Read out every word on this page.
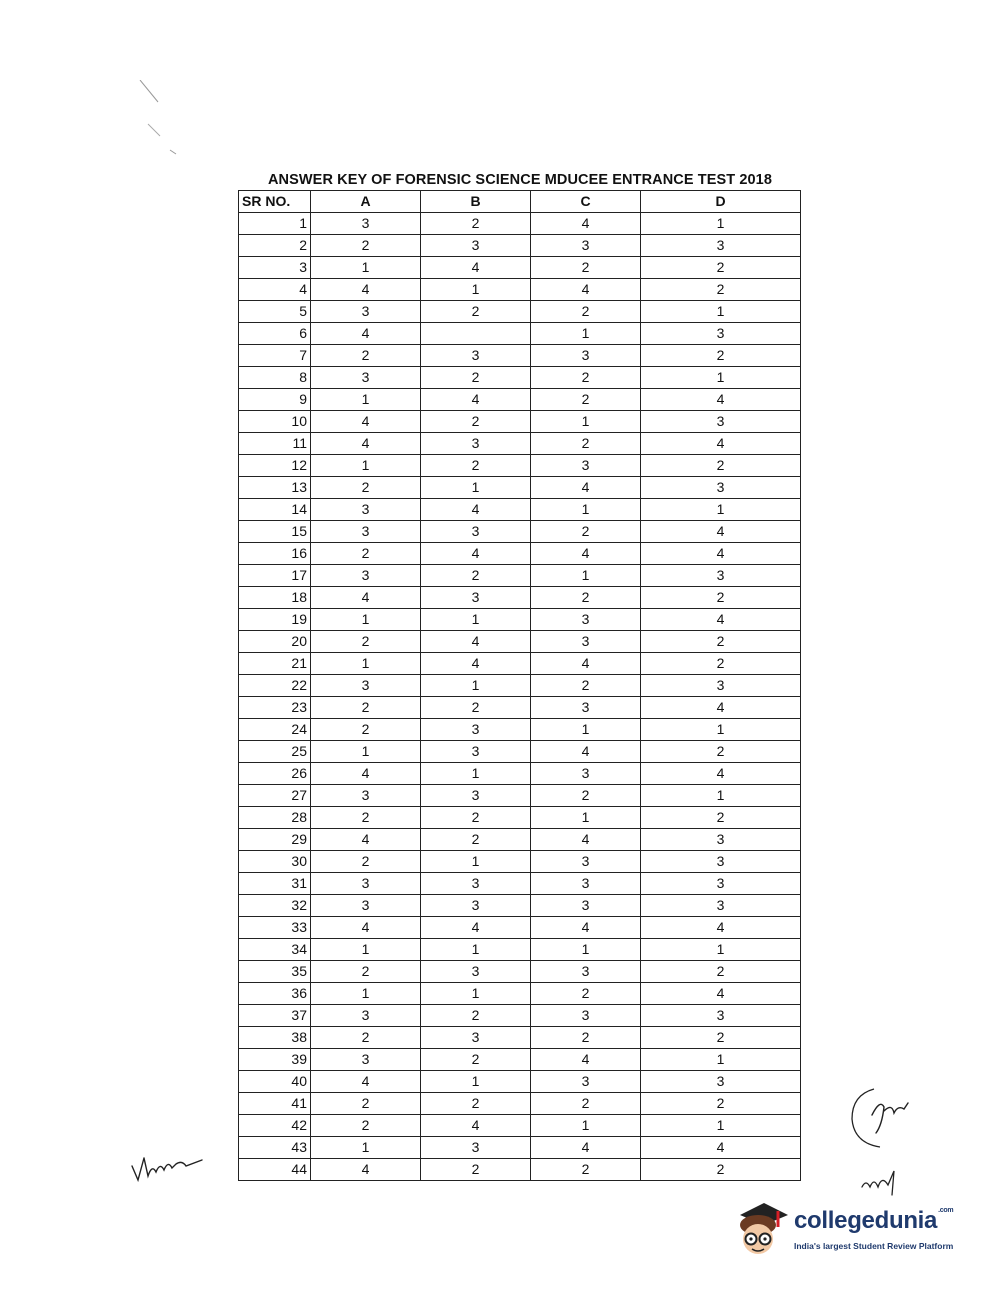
ANSWER KEY OF FORENSIC SCIENCE MDUCEE ENTRANCE TEST 2018
SR NO.	A	B	C	D
1	3	2	4	1
2	2	3	3	3
3	1	4	2	2
4	4	1	4	2
5	3	2	2	1
6	4		1	3
7	2	3	3	2
8	3	2	2	1
9	1	4	2	4
10	4	2	1	3
11	4	3	2	4
12	1	2	3	2
13	2	1	4	3
14	3	4	1	1
15	3	3	2	4
16	2	4	4	4
17	3	2	1	3
18	4	3	2	2
19	1	1	3	4
20	2	4	3	2
21	1	4	4	2
22	3	1	2	3
23	2	2	3	4
24	2	3	1	1
25	1	3	4	2
26	4	1	3	4
27	3	3	2	1
28	2	2	1	2
29	4	2	4	3
30	2	1	3	3
31	3	3	3	3
32	3	3	3	3
33	4	4	4	4
34	1	1	1	1
35	2	3	3	2
36	1	1	2	4
37	3	2	3	3
38	2	3	2	2
39	3	2	4	1
40	4	1	3	3
41	2	2	2	2
42	2	4	1	1
43	1	3	4	4
44	4	2	2	2
collegedunia$^{.com}$
India's largest Student Review Platform
